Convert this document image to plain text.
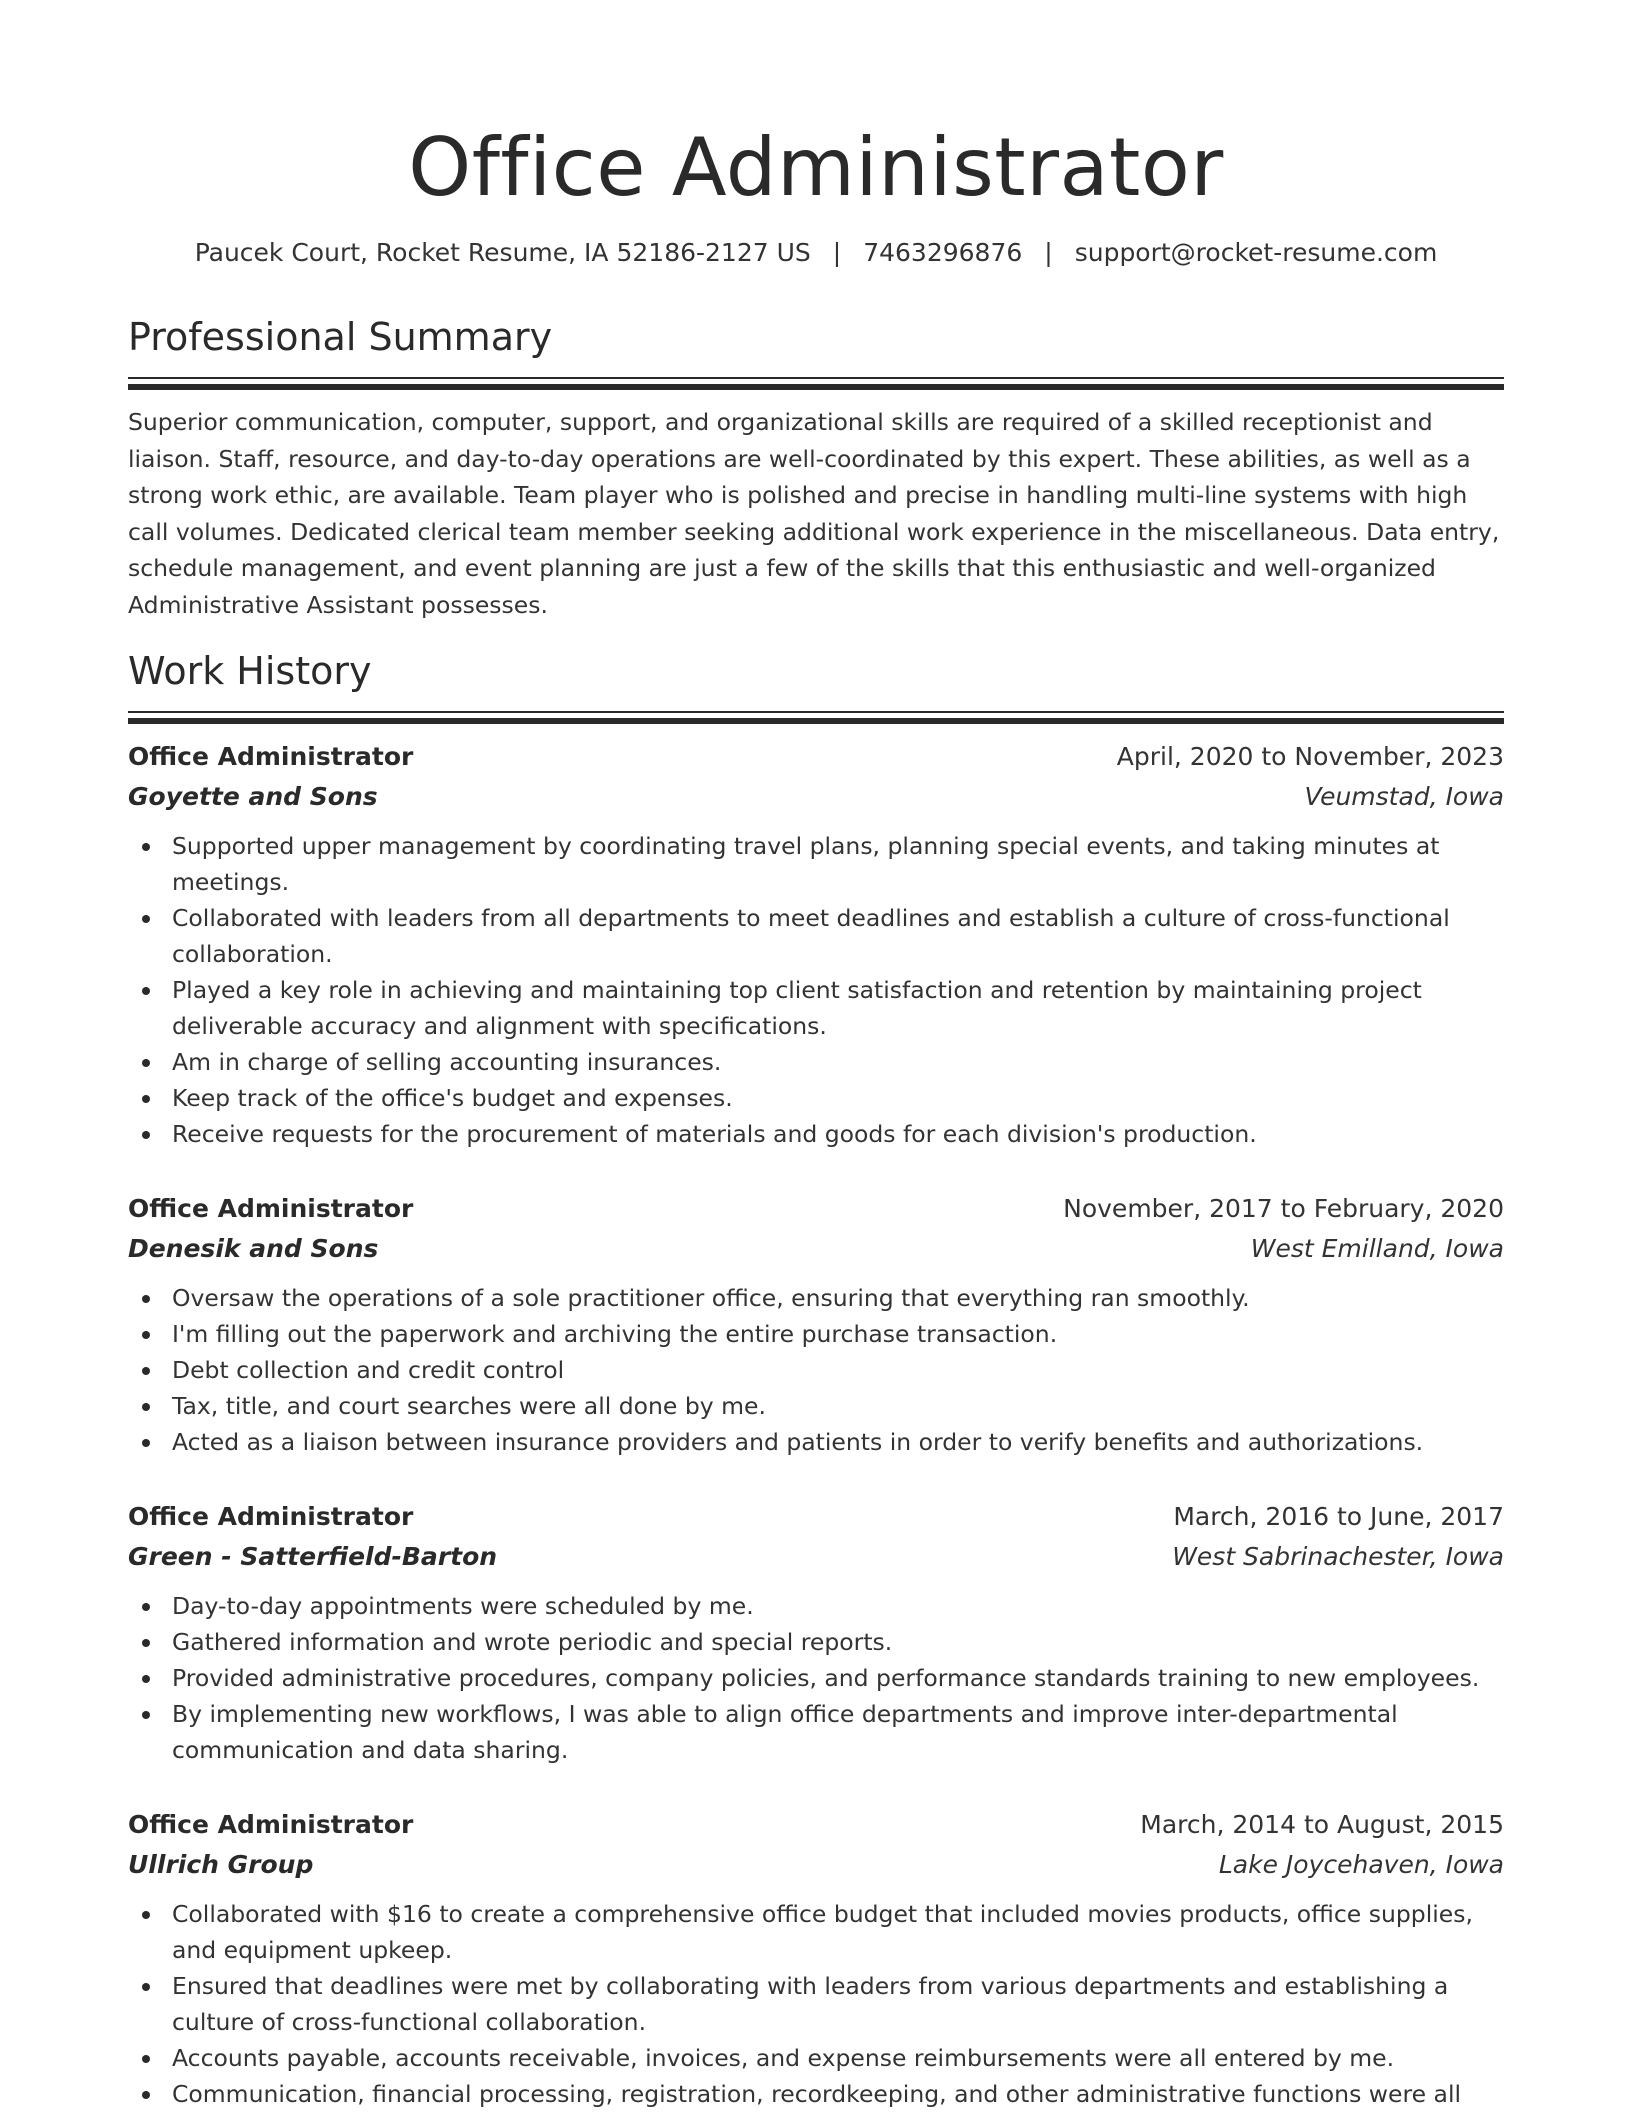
Office Administrator
Paucek Court, Rocket Resume, IA 52186-2127 US | 7463296876 | support@rocket-resume.com
Professional Summary

Superior communication, computer, support, and organizational skills are required of a skilled receptionist and liaison. Staff, resource, and day-to-day operations are well-coordinated by this expert. These abilities, as well as a strong work ethic, are available. Team player who is polished and precise in handling multi-line systems with high call volumes. Dedicated clerical team member seeking additional work experience in the miscellaneous. Data entry, schedule management, and event planning are just a few of the skills that this enthusiastic and well-organized Administrative Assistant possesses.

Work History
Office Administrator	April, 2020 to November, 2023
Goyette and Sons	Veumstad, Iowa
Supported upper management by coordinating travel plans, planning special events, and taking minutes at meetings.
Collaborated with leaders from all departments to meet deadlines and establish a culture of cross-functional collaboration.
Played a key role in achieving and maintaining top client satisfaction and retention by maintaining project deliverable accuracy and alignment with specifications.
Am in charge of selling accounting insurances.
Keep track of the office's budget and expenses.
Receive requests for the procurement of materials and goods for each division's production.
Office Administrator	November, 2017 to February, 2020
Denesik and Sons	West Emilland, Iowa
Oversaw the operations of a sole practitioner office, ensuring that everything ran smoothly.
I'm filling out the paperwork and archiving the entire purchase transaction.
Debt collection and credit control
Tax, title, and court searches were all done by me.
Acted as a liaison between insurance providers and patients in order to verify benefits and authorizations.
Office Administrator	March, 2016 to June, 2017
Green - Satterfield-Barton	West Sabrinachester, Iowa
Day-to-day appointments were scheduled by me.
Gathered information and wrote periodic and special reports.
Provided administrative procedures, company policies, and performance standards training to new employees.
By implementing new workflows, I was able to align office departments and improve inter-departmental communication and data sharing.
Office Administrator	March, 2014 to August, 2015
Ullrich Group	Lake Joycehaven, Iowa
Collaborated with $16 to create a comprehensive office budget that included movies products, office supplies, and equipment upkeep.
Ensured that deadlines were met by collaborating with leaders from various departments and establishing a culture of cross-functional collaboration.
Accounts payable, accounts receivable, invoices, and expense reimbursements were all entered by me.
Communication, financial processing, registration, recordkeeping, and other administrative functions were all
